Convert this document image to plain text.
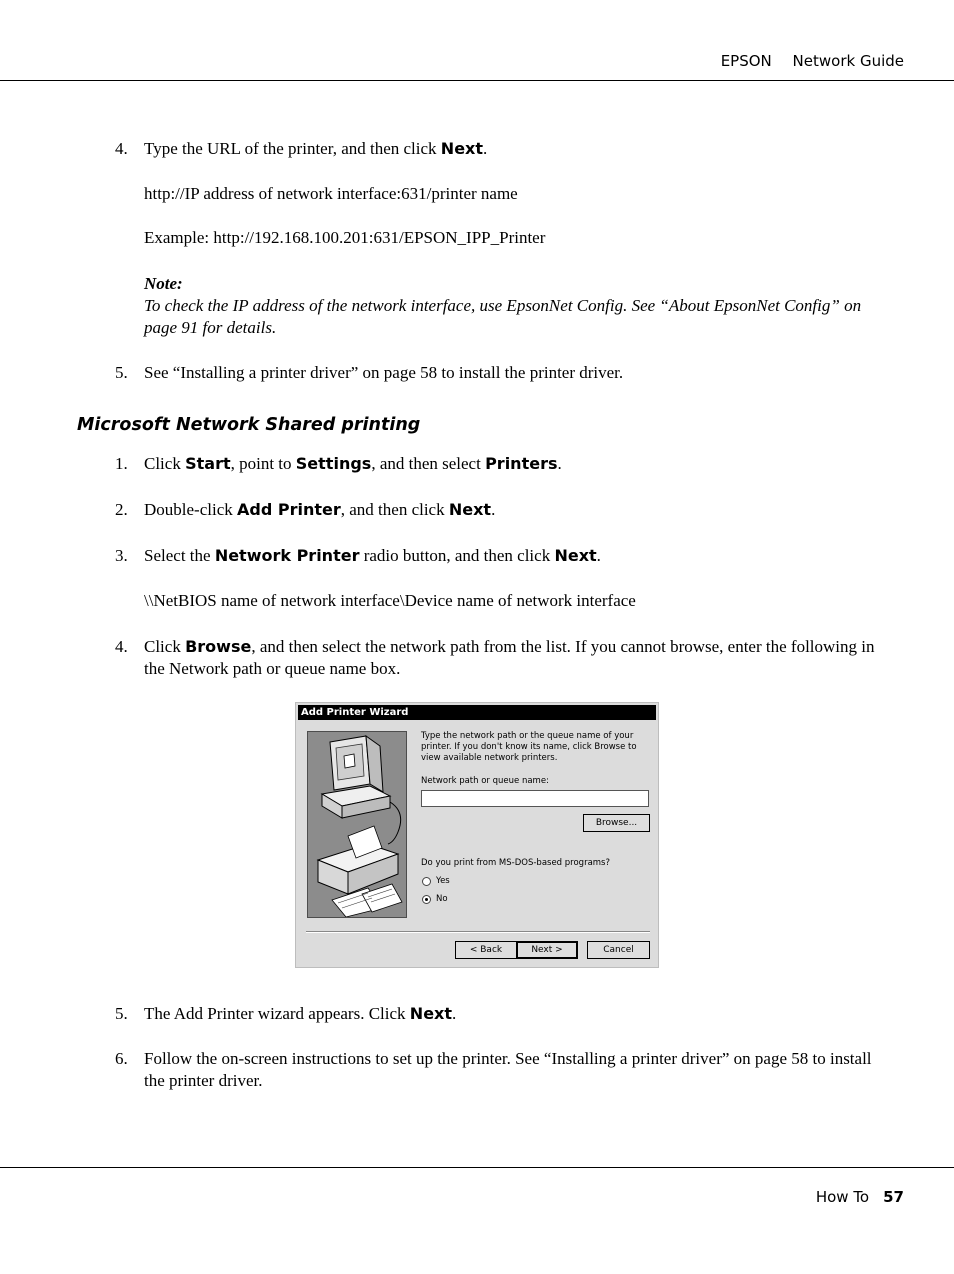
EPSON Network Guide
4. Type the URL of the printer, and then click Next.
http://IP address of network interface:631/printer name
Example: http://192.168.100.201:631/EPSON_IPP_Printer
Note:
To check the IP address of the network interface, use EpsonNet Config. See “About EpsonNet Config” on page 91 for details.
5. See “Installing a printer driver” on page 58 to install the printer driver.
Microsoft Network Shared printing
1. Click Start, point to Settings, and then select Printers.
2. Double-click Add Printer, and then click Next.
3. Select the Network Printer radio button, and then click Next.
\\NetBIOS name of network interface\Device name of network interface
4. Click Browse, and then select the network path from the list. If you cannot browse, enter the following in the Network path or queue name box.
Add Printer Wizard
Type the network path or the queue name of your printer. If you don't know its name, click Browse to view available network printers.
Network path or queue name:
Browse...
Do you print from MS-DOS-based programs?
Yes
No
< Back	Next >	Cancel
5. The Add Printer wizard appears. Click Next.
6. Follow the on-screen instructions to set up the printer. See “Installing a printer driver” on page 58 to install the printer driver.
How To 57
